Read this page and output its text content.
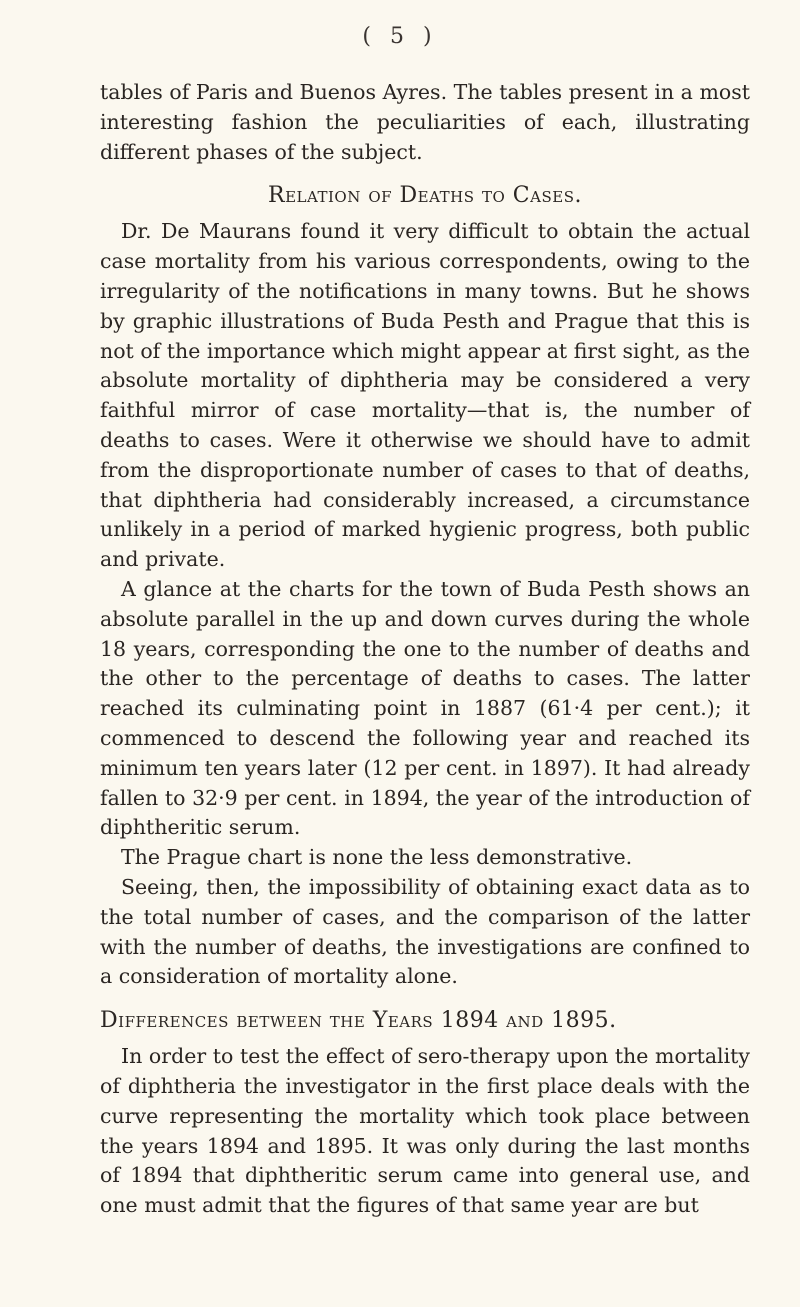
( 5 )

tables of Paris and Buenos Ayres. The tables present in a most interesting fashion the peculiarities of each, illustrating different phases of the subject.

Relation of Deaths to Cases.

Dr. De Maurans found it very difficult to obtain the actual case mortality from his various correspondents, owing to the irregularity of the notifications in many towns. But he shows by graphic illustrations of Buda Pesth and Prague that this is not of the importance which might appear at first sight, as the absolute mortality of diphtheria may be considered a very faithful mirror of case mortality—that is, the number of deaths to cases. Were it otherwise we should have to admit from the disproportionate number of cases to that of deaths, that diphtheria had considerably increased, a circumstance unlikely in a period of marked hygienic progress, both public and private.

A glance at the charts for the town of Buda Pesth shows an absolute parallel in the up and down curves during the whole 18 years, corresponding the one to the number of deaths and the other to the percentage of deaths to cases. The latter reached its culminating point in 1887 (61·4 per cent.); it commenced to descend the following year and reached its minimum ten years later (12 per cent. in 1897). It had already fallen to 32·9 per cent. in 1894, the year of the introduction of diphtheritic serum.

The Prague chart is none the less demonstrative.

Seeing, then, the impossibility of obtaining exact data as to the total number of cases, and the comparison of the latter with the number of deaths, the investigations are confined to a consideration of mortality alone.

Differences between the Years 1894 and 1895.

In order to test the effect of sero-therapy upon the mortality of diphtheria the investigator in the first place deals with the curve representing the mortality which took place between the years 1894 and 1895. It was only during the last months of 1894 that diphtheritic serum came into general use, and one must admit that the figures of that same year are but
